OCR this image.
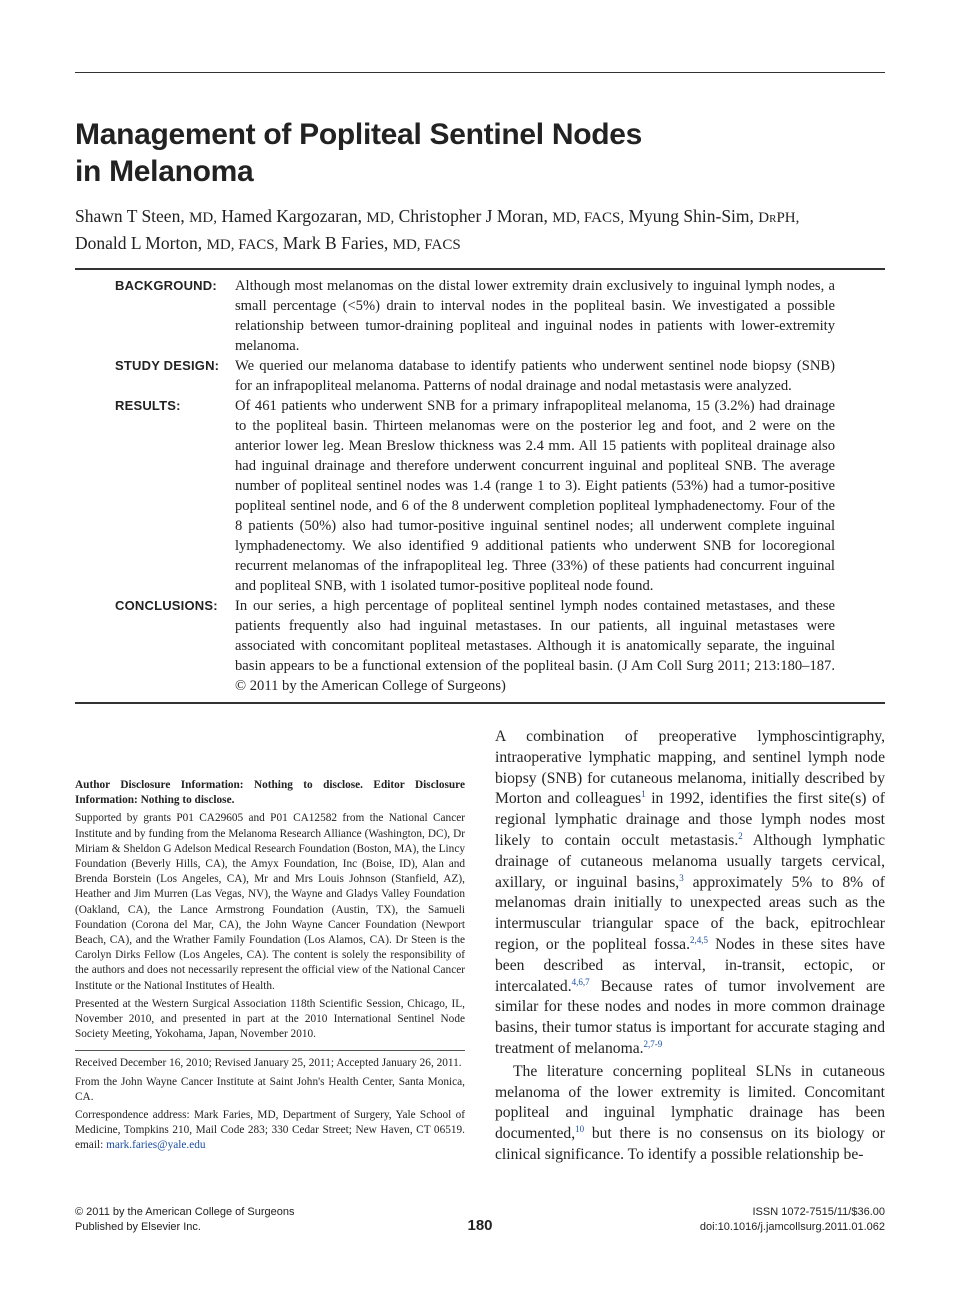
Management of Popliteal Sentinel Nodes
in Melanoma
Shawn T Steen, MD, Hamed Kargozaran, MD, Christopher J Moran, MD, FACS, Myung Shin-Sim, DrPH,
Donald L Morton, MD, FACS, Mark B Faries, MD, FACS
BACKGROUND: Although most melanomas on the distal lower extremity drain exclusively to inguinal lymph nodes, a small percentage (<5%) drain to interval nodes in the popliteal basin. We investigated a possible relationship between tumor-draining popliteal and inguinal nodes in patients with lower-extremity melanoma.
STUDY DESIGN: We queried our melanoma database to identify patients who underwent sentinel node biopsy (SNB) for an infrapopliteal melanoma. Patterns of nodal drainage and nodal metastasis were analyzed.
RESULTS:	Of 461 patients who underwent SNB for a primary infrapopliteal melanoma, 15 (3.2%) had drainage to the popliteal basin. Thirteen melanomas were on the posterior leg and foot, and 2 were on the anterior lower leg. Mean Breslow thickness was 2.4 mm. All 15 patients with popliteal drainage also had inguinal drainage and therefore underwent concurrent inguinal and popliteal SNB. The average number of popliteal sentinel nodes was 1.4 (range 1 to 3). Eight patients (53%) had a tumor-positive popliteal sentinel node, and 6 of the 8 underwent completion popliteal lymphadenectomy. Four of the 8 patients (50%) also had tumor-positive inguinal sentinel nodes; all underwent complete inguinal lymphadenectomy. We also identified 9 additional patients who underwent SNB for locoregional recurrent melanomas of the infrapopliteal leg. Three (33%) of these patients had concurrent inguinal and popliteal SNB, with 1 isolated tumor-positive popliteal node found.
CONCLUSIONS: In our series, a high percentage of popliteal sentinel lymph nodes contained metastases, and these patients frequently also had inguinal metastases. In our patients, all inguinal metastases were associated with concomitant popliteal metastases. Although it is anatomically separate, the inguinal basin appears to be a functional extension of the popliteal basin. (J Am Coll Surg 2011; 213:180–187. © 2011 by the American College of Surgeons)

Author Disclosure Information: Nothing to disclose. Editor Disclosure Information: Nothing to disclose.

Supported by grants P01 CA29605 and P01 CA12582 from the National Cancer Institute and by funding from the Melanoma Research Alliance (Washington, DC), Dr Miriam & Sheldon G Adelson Medical Research Foundation (Boston, MA), the Lincy Foundation (Beverly Hills, CA), the Amyx Foundation, Inc (Boise, ID), Alan and Brenda Borstein (Los Angeles, CA), Mr and Mrs Louis Johnson (Stanfield, AZ), Heather and Jim Murren (Las Vegas, NV), the Wayne and Gladys Valley Foundation (Oakland, CA), the Lance Armstrong Foundation (Austin, TX), the Samueli Foundation (Corona del Mar, CA), the John Wayne Cancer Foundation (Newport Beach, CA), and the Wrather Family Foundation (Los Alamos, CA). Dr Steen is the Carolyn Dirks Fellow (Los Angeles, CA). The content is solely the responsibility of the authors and does not necessarily represent the official view of the National Cancer Institute or the National Institutes of Health.

Presented at the Western Surgical Association 118th Scientific Session, Chicago, IL, November 2010, and presented in part at the 2010 International Sentinel Node Society Meeting, Yokohama, Japan, November 2010.

Received December 16, 2010; Revised January 25, 2011; Accepted January 26, 2011.

From the John Wayne Cancer Institute at Saint John's Health Center, Santa Monica, CA.

Correspondence address: Mark Faries, MD, Department of Surgery, Yale School of Medicine, Tompkins 210, Mail Code 283; 330 Cedar Street; New Haven, CT 06519. email: mark.faries@yale.edu

A combination of preoperative lymphoscintigraphy, intraoperative lymphatic mapping, and sentinel lymph node biopsy (SNB) for cutaneous melanoma, initially described by Morton and colleagues$^1$ in 1992, identifies the first site(s) of regional lymphatic drainage and those lymph nodes most likely to contain occult metastasis.$^2$ Although lymphatic drainage of cutaneous melanoma usually targets cervical, axillary, or inguinal basins,$^3$ approximately 5% to 8% of melanomas drain initially to unexpected areas such as the intermuscular triangular space of the back, epitrochlear region, or the popliteal fossa.$^{2,4,5}$ Nodes in these sites have been described as interval, in-transit, ectopic, or intercalated.$^{4,6,7}$ Because rates of tumor involvement are similar for these nodes and nodes in more common drainage basins, their tumor status is important for accurate staging and treatment of melanoma.$^{2,7-9}$

The literature concerning popliteal SLNs in cutaneous melanoma of the lower extremity is limited. Concomitant popliteal and inguinal lymphatic drainage has been documented,$^{10}$ but there is no consensus on its biology or clinical significance. To identify a possible relationship be-

© 2011 by the American College of Surgeons
Published by Elsevier Inc.	180
ISSN 1072-7515/11/$36.00
doi:10.1016/j.jamcollsurg.2011.01.062
